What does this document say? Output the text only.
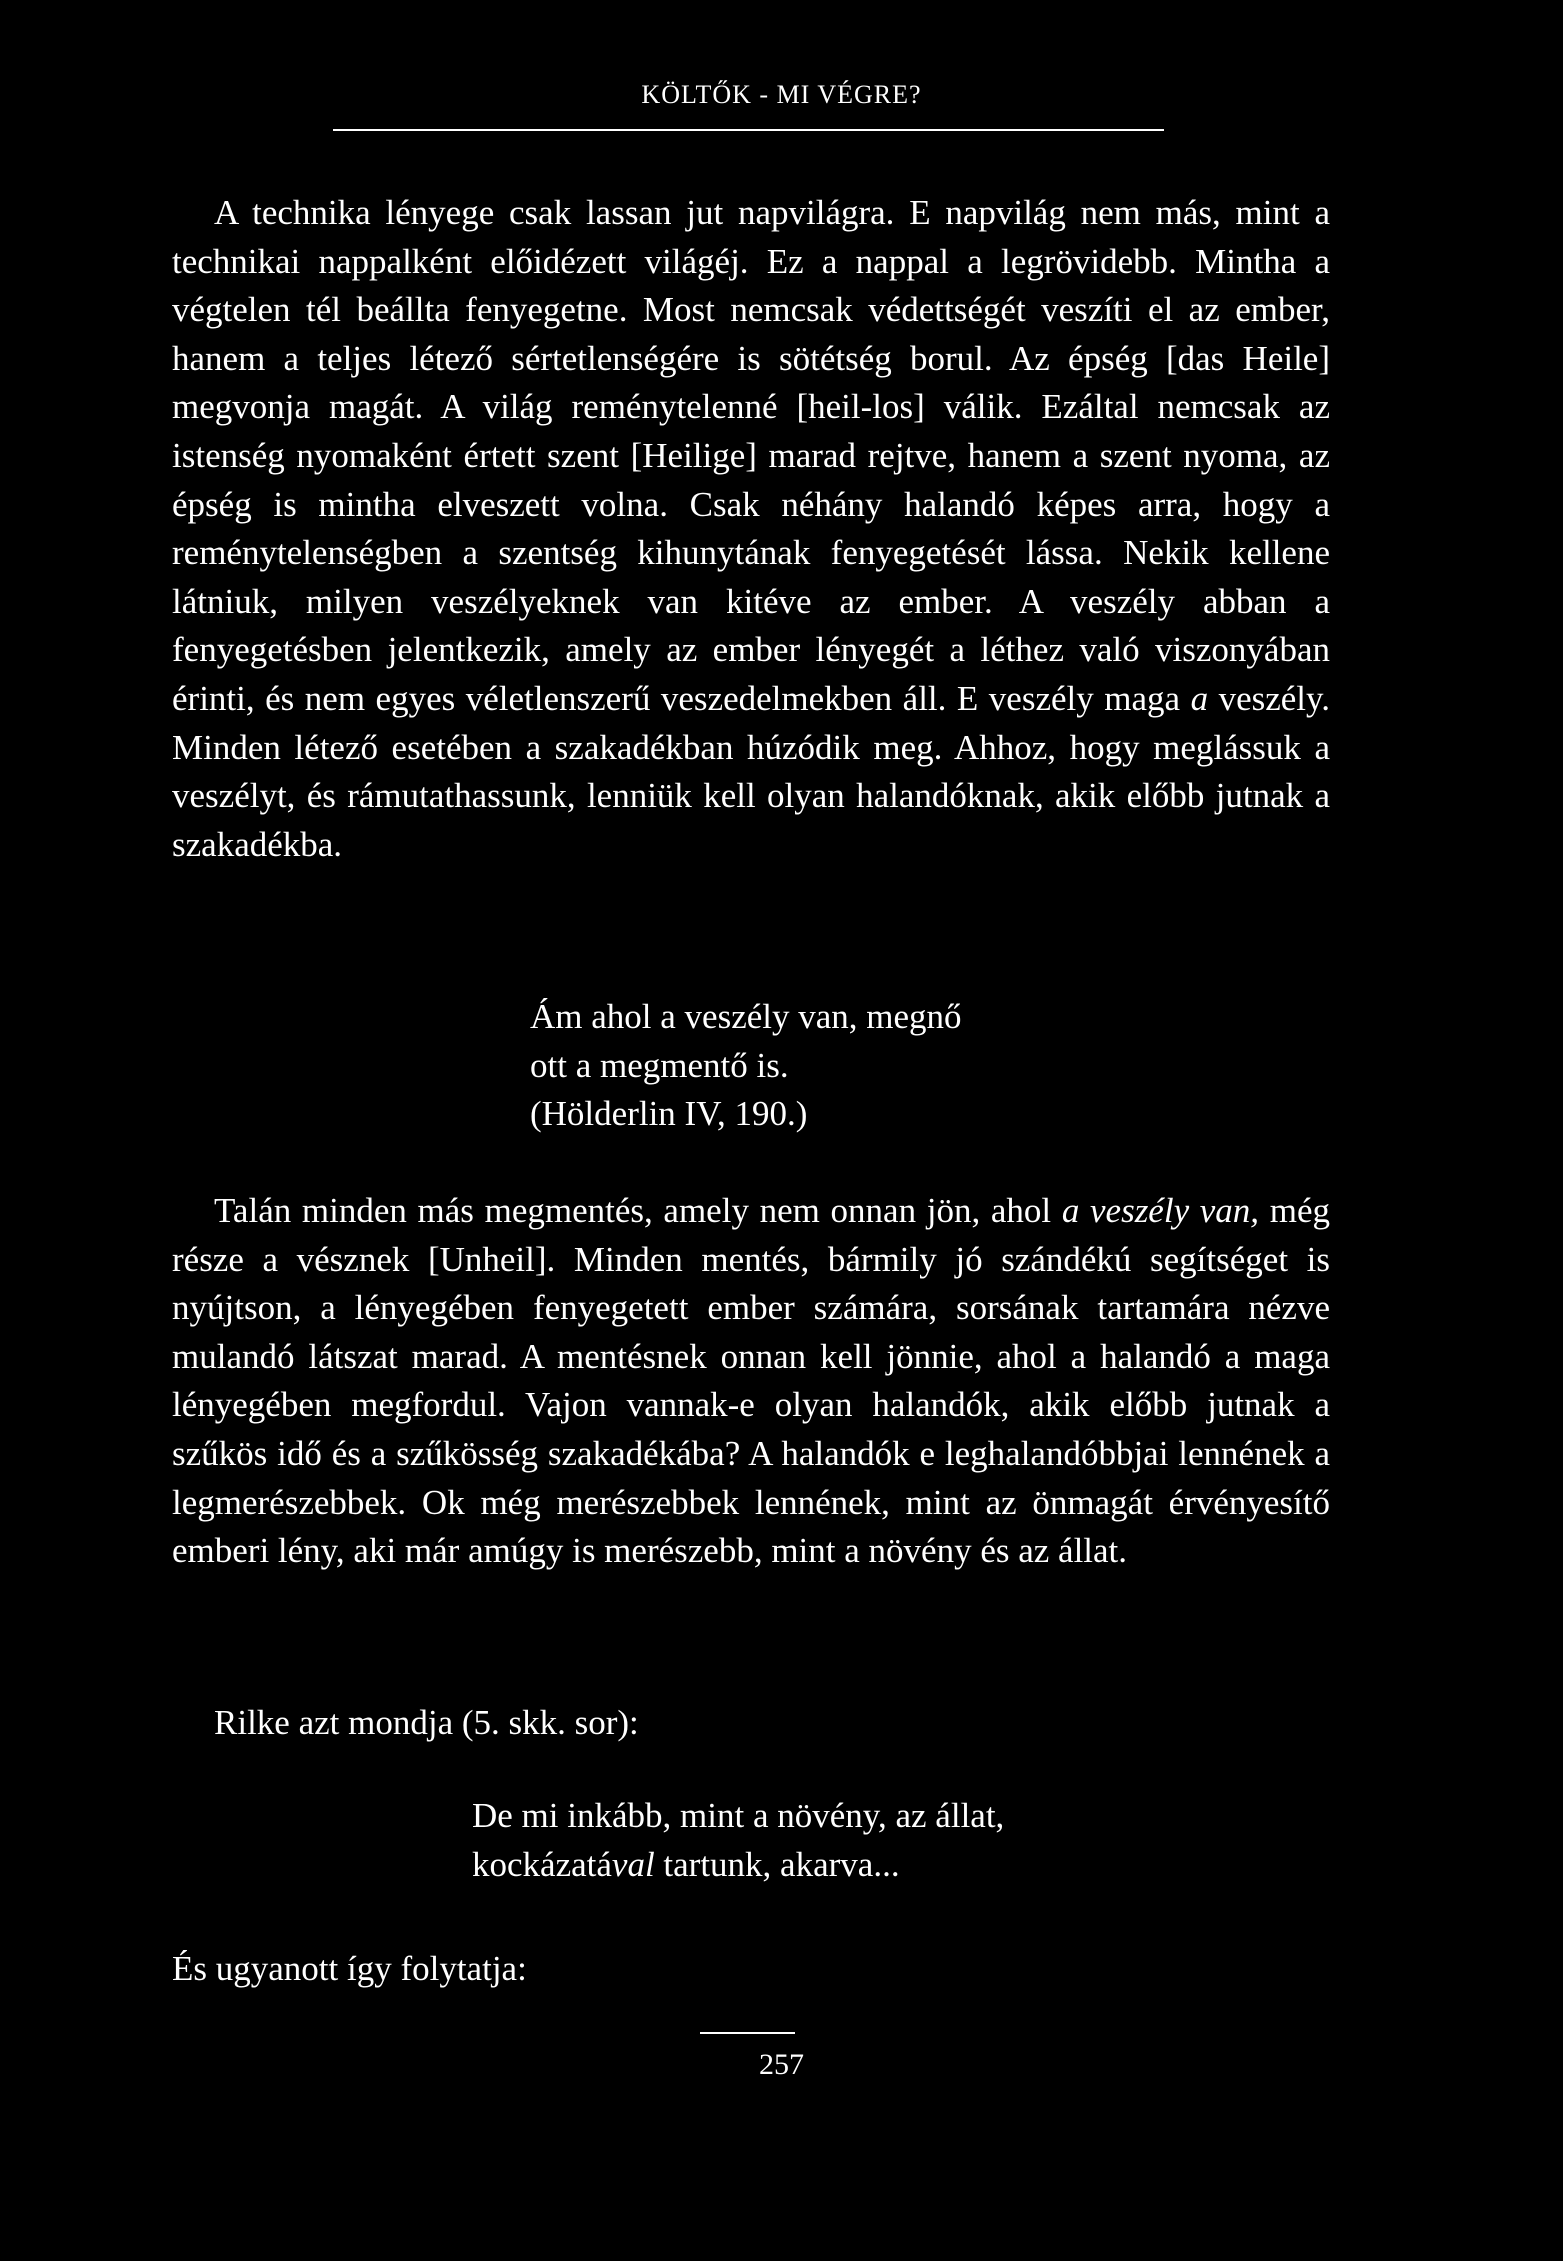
KÖLTŐK - MI VÉGRE?

A technika lényege csak lassan jut napvilágra. E napvilág nem más, mint a technikai nappalként előidézett világéj. Ez a nappal a legrövidebb. Mintha a végtelen tél beállta fenyegetne. Most nemcsak védettségét veszíti el az ember, hanem a teljes létező sértetlenségére is sötétség borul. Az épség [das Heile] megvonja magát. A világ reménytelenné [heil-los] válik. Ezáltal nemcsak az istenség nyomaként értett szent [Heilige] marad rejtve, hanem a szent nyoma, az épség is mintha elveszett volna. Csak néhány halandó képes arra, hogy a reménytelenségben a szentség kihunytának fenyegetését lássa. Nekik kellene látniuk, milyen veszélyeknek van kitéve az ember. A veszély abban a fenyegetésben jelentkezik, amely az ember lényegét a léthez való viszonyában érinti, és nem egyes véletlenszerű veszedelmekben áll. E veszély maga a veszély. Minden létező esetében a szakadékban húzódik meg. Ahhoz, hogy meglássuk a veszélyt, és rámutathassunk, lenniük kell olyan halandóknak, akik előbb jutnak a szakadékba.

Ám ahol a veszély van, megnő
ott a megmentő is.
(Hölderlin IV, 190.)

Talán minden más megmentés, amely nem onnan jön, ahol a veszély van, még része a vésznek [Unheil]. Minden mentés, bármily jó szándékú segítséget is nyújtson, a lényegében fenyegetett ember számára, sorsának tartamára nézve mulandó látszat marad. A mentésnek onnan kell jönnie, ahol a halandó a maga lényegében megfordul. Vajon vannak-e olyan halandók, akik előbb jutnak a szűkös idő és a szűkösség szakadékába? A halandók e leghalandóbbjai lennének a legmerészebbek. Ok még merészebbek lennének, mint az önmagát érvényesítő emberi lény, aki már amúgy is merészebb, mint a növény és az állat.

Rilke azt mondja (5. skk. sor):
De mi inkább, mint a növény, az állat,
kockázatával tartunk, akarva...
És ugyanott így folytatja:
257
